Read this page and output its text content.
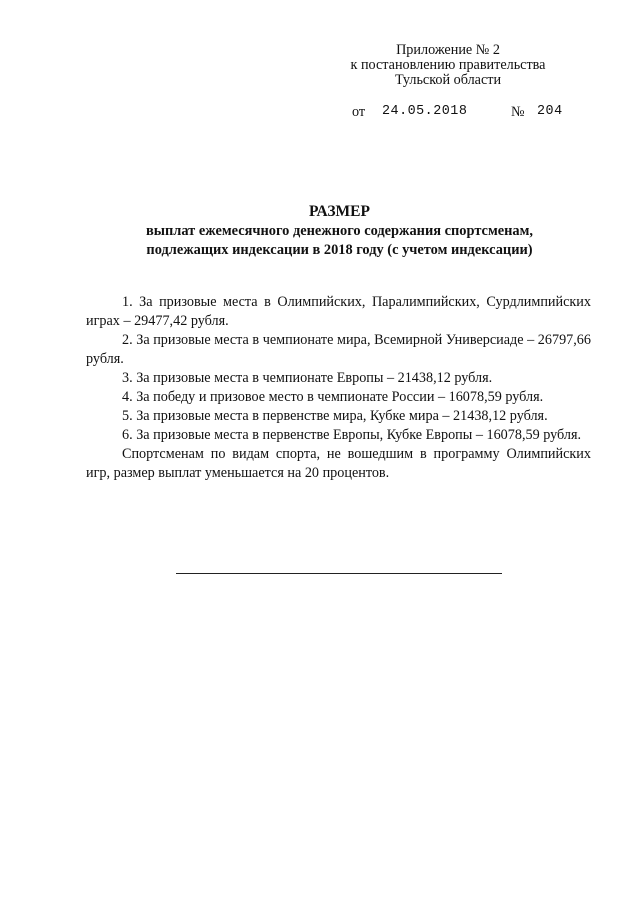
Приложение № 2
к постановлению правительства
Тульской области
от 24.05.2018	№ 204
РАЗМЕР
выплат ежемесячного денежного содержания спортсменам,
подлежащих индексации в 2018 году (с учетом индексации)

1. За призовые места в Олимпийских, Паралимпийских, Сурдлимпийских играх – 29477,42 рубля.

2. За призовые места в чемпионате мира, Всемирной Универсиаде – 26797,66 рубля.

3. За призовые места в чемпионате Европы – 21438,12 рубля.

4. За победу и призовое место в чемпионате России – 16078,59 рубля.

5. За призовые места в первенстве мира, Кубке мира – 21438,12 рубля.

6. За призовые места в первенстве Европы, Кубке Европы – 16078,59 рубля.

Спортсменам по видам спорта, не вошедшим в программу Олимпийских игр, размер выплат уменьшается на 20 процентов.
